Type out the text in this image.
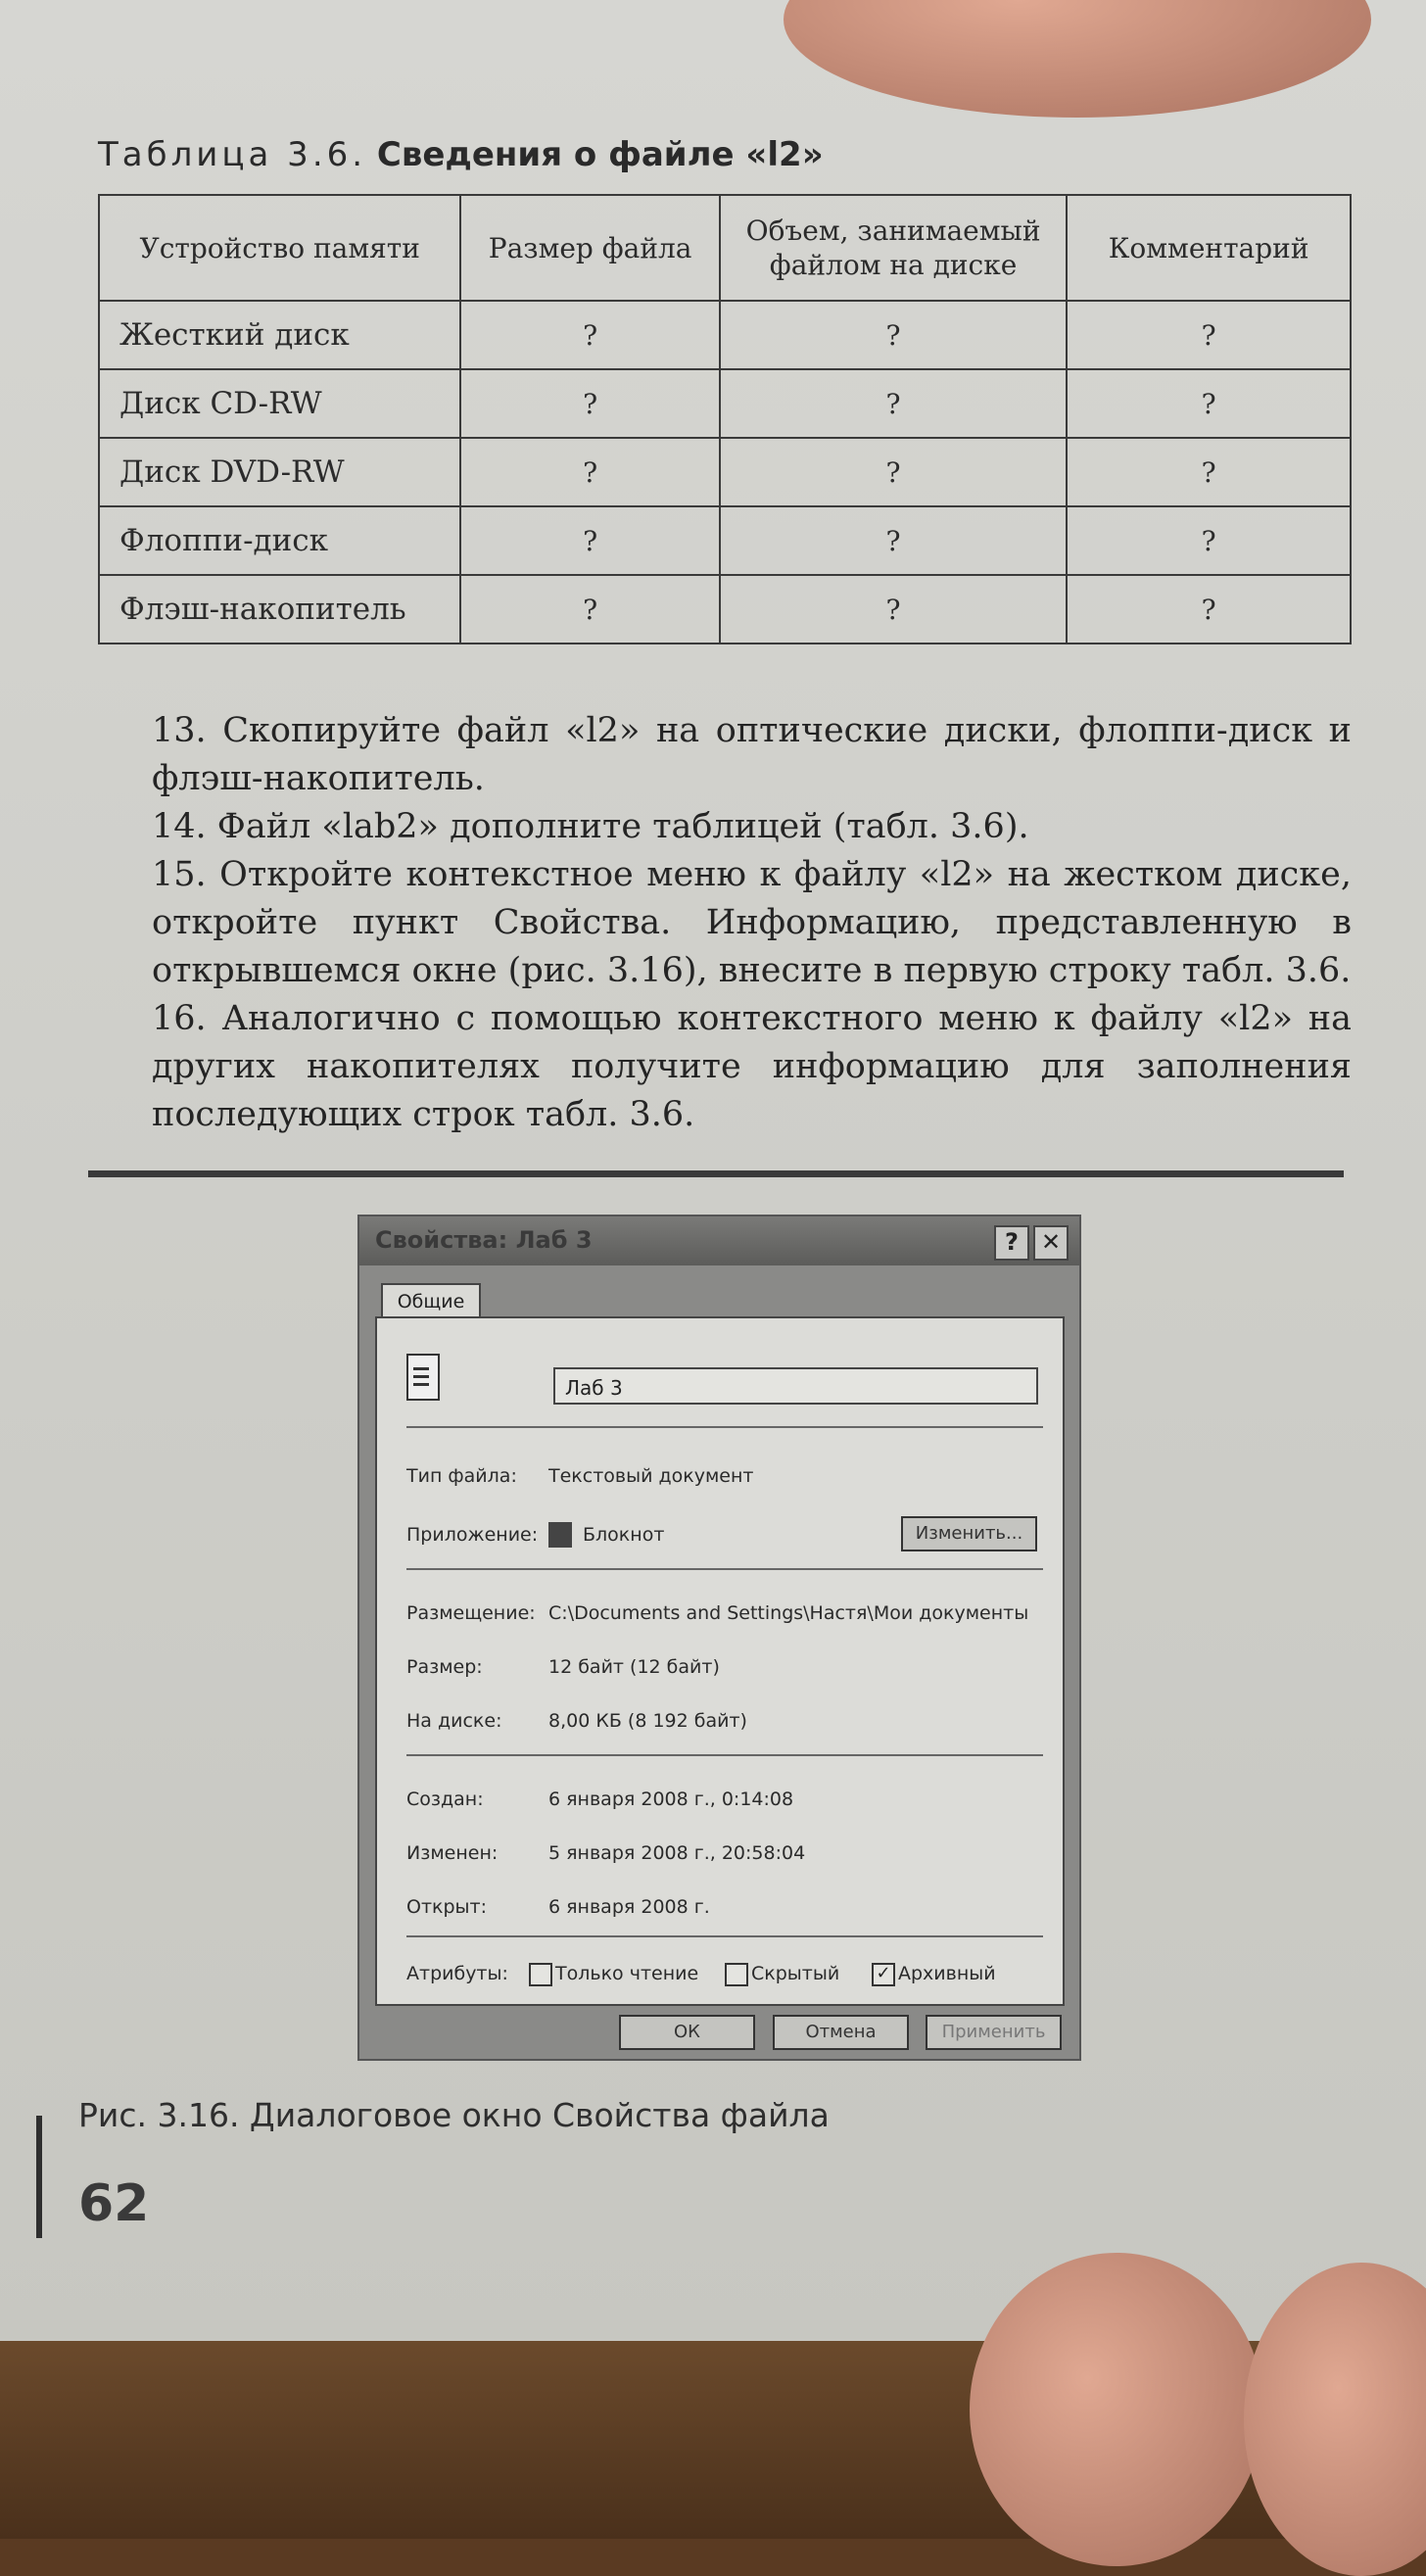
Таблица 3.6. Сведения о файле «l2»
Устройство памяти	Размер файла	Объем, занимаемый файлом на диске	Комментарий
Жесткий диск	?	?	?
Диск CD-RW	?	?	?
Диск DVD-RW	?	?	?
Флоппи-диск	?	?	?
Флэш-накопитель	?	?	?
13. Скопируйте файл «l2» на оптические диски, флоппи-диск и флэш-накопитель.
14. Файл «lab2» дополните таблицей (табл. 3.6).
15. Откройте контекстное меню к файлу «l2» на жестком диске, откройте пункт Свойства. Информацию, представленную в открывшемся окне (рис. 3.16), внесите в первую строку табл. 3.6.
16. Аналогично с помощью контекстного меню к файлу «l2» на других накопителях получите информацию для заполнения последующих строк табл. 3.6.
Свойства: Лаб 3	? ✕
Общие
Лаб 3
Тип файла: Текстовый документ
Приложение: Блокнот	Изменить...
Размещение: C:\Documents and Settings\Настя\Мои документы
Размер:	12 байт (12 байт)
На диске:	8,00 КБ (8 192 байт)
Создан:	6 января 2008 г., 0:14:08
Изменен:	5 января 2008 г., 20:58:04
Открыт:	6 января 2008 г.
Атрибуты:	Только чтение	Скрытый ✓ Архивный
ОК	Отмена	Применить
Рис. 3.16. Диалоговое окно Свойства файла
62
